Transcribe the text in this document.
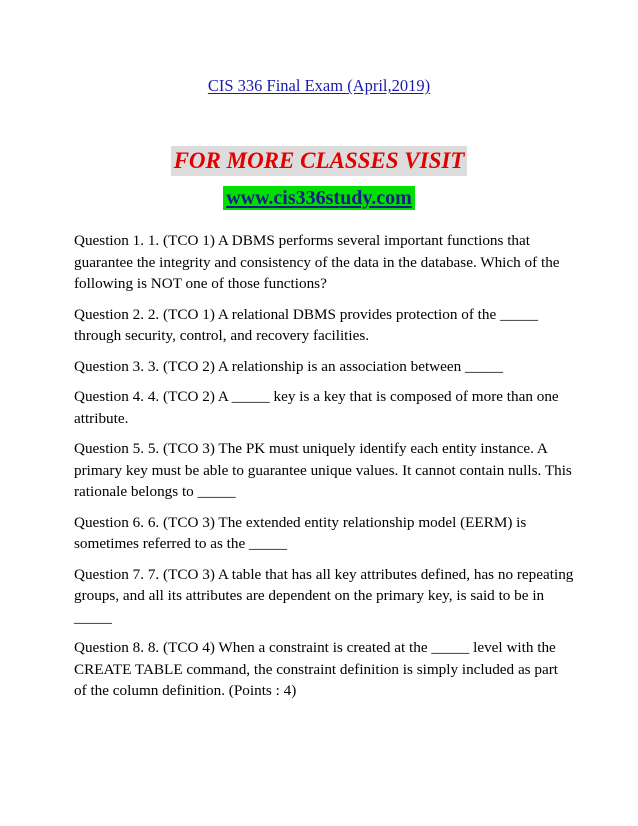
CIS 336 Final Exam (April,2019)
FOR MORE CLASSES VISIT
www.cis336study.com

Question 1. 1. (TCO 1) A DBMS performs several important functions that guarantee the integrity and consistency of the data in the database. Which of the following is NOT one of those functions?

Question 2. 2. (TCO 1) A relational DBMS provides protection of the _____ through security, control, and recovery facilities.

Question 3. 3. (TCO 2) A relationship is an association between _____

Question 4. 4. (TCO 2) A _____ key is a key that is composed of more than one attribute.

Question 5. 5. (TCO 3) The PK must uniquely identify each entity instance. A primary key must be able to guarantee unique values. It cannot contain nulls. This rationale belongs to _____

Question 6. 6. (TCO 3) The extended entity relationship model (EERM) is sometimes referred to as the _____

Question 7. 7. (TCO 3) A table that has all key attributes defined, has no repeating groups, and all its attributes are dependent on the primary key, is said to be in _____

Question 8. 8. (TCO 4) When a constraint is created at the _____ level with the CREATE TABLE command, the constraint definition is simply included as part of the column definition. (Points : 4)
